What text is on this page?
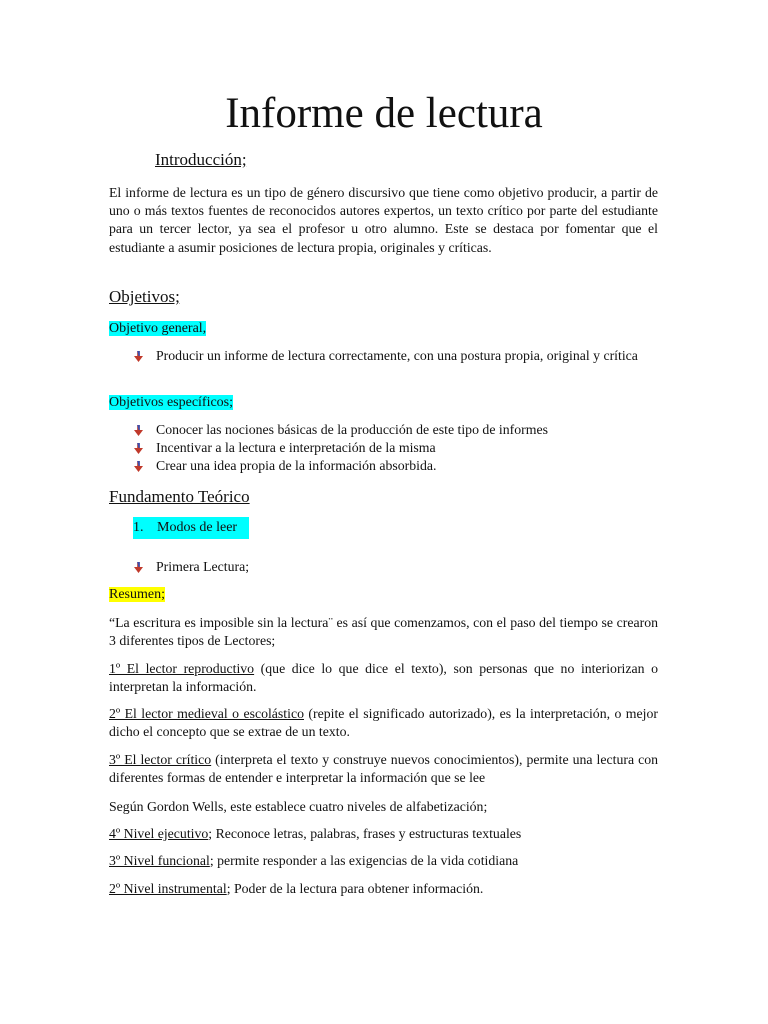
Informe de lectura
Introducción;

El informe de lectura es un tipo de género discursivo que tiene como objetivo producir, a partir de uno o más textos fuentes de reconocidos autores expertos, un texto crítico por parte del estudiante para un tercer lector, ya sea el profesor u otro alumno. Este se destaca por fomentar que el estudiante a asumir posiciones de lectura propia, originales y críticas.

Objetivos;

Objetivo general,

Producir un informe de lectura correctamente, con una postura propia, original y crítica

Objetivos específicos;

Conocer las nociones básicas de la producción de este tipo de informes
Incentivar a la lectura e interpretación de la misma
Crear una idea propia de la información absorbida.
Fundamento Teórico

1. Modos de leer

Primera Lectura;

Resumen;

“La escritura es imposible sin la lectura¨ es así que comenzamos, con el paso del tiempo se crearon 3 diferentes tipos de Lectores;

1º El lector reproductivo (que dice lo que dice el texto), son personas que no interiorizan o interpretan la información.

2º El lector medieval o escolástico (repite el significado autorizado), es la interpretación, o mejor dicho el concepto que se extrae de un texto.

3º El lector crítico (interpreta el texto y construye nuevos conocimientos), permite una lectura con diferentes formas de entender e interpretar la información que se lee

Según Gordon Wells, este establece cuatro niveles de alfabetización;

4º Nivel ejecutivo; Reconoce letras, palabras, frases y estructuras textuales

3º Nivel funcional; permite responder a las exigencias de la vida cotidiana

2º Nivel instrumental; Poder de la lectura para obtener información.
